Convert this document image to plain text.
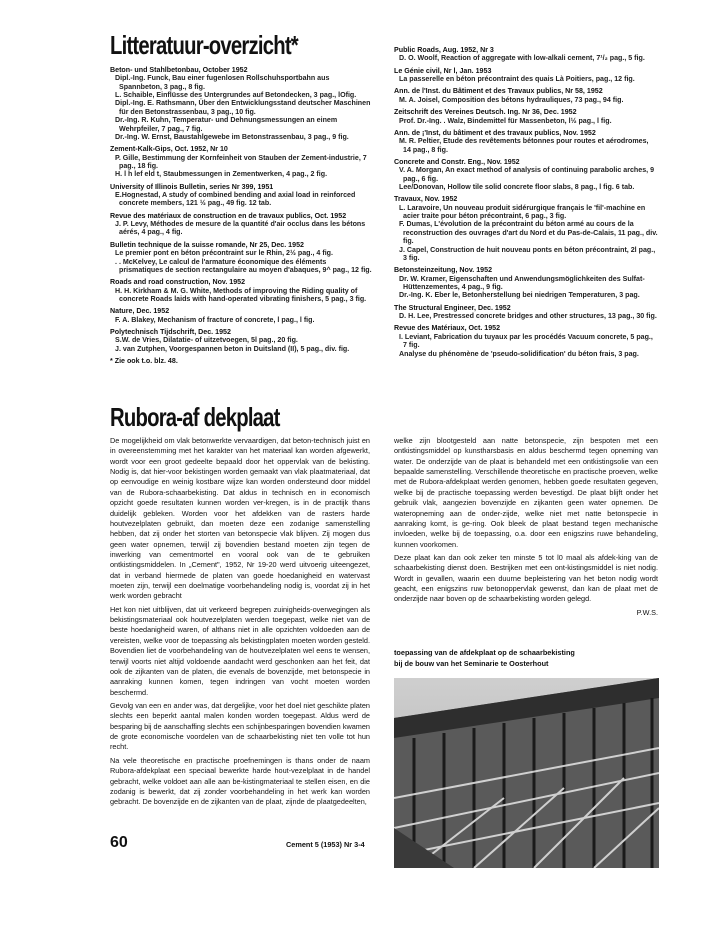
Litteratuur-overzicht*
Beton- und Stahlbetonbau, October 1952
Dipl.-Ing. Funck, Bau einer fugenlosen Rollschuhsportbahn aus Spannbeton, 3 pag., 8 fig.
L. Schaible, Einflüsse des Untergrundes auf Betondecken, 3 pag., lOfig.
Dipl.-Ing. E. Rathsmann, Über den Entwicklungsstand deutscher Maschinen für den Betonstrassenbau, 3 pag., 10 fig.
Dr.-Ing. R. Kuhn, Temperatur- und Dehnungsmessungen an einem Wehrpfeiler, 7 pag., 7 fig.
Dr.-Ing. W. Ernst, Baustahlgewebe im Betonstrassenbau, 3 pag., 9 fig.
Zement-Kalk-Gips, Oct. 1952, Nr 10
P. Gille, Bestimmung der Kornfeinheit von Stauben der Zement-industrie, 7 pag., 18 fig.
H. l h lef eld t, Staubmessungen in Zementwerken, 4 pag., 2 fig.
University of Illinois Bulletin, series Nr 399, 1951
E.Hognestad, A study of combined bending and axial load in reinforced concrete members, 121 ½ pag., 49 fig. 12 tab.
Revue des matériaux de construction en de travaux publics, Oct. 1952
J. P. Levy, Méthodes de mesure de la quantité d'air occlus dans les bétons aérés, 4 pag., 4 fig.
Bulletin technique de la suisse romande, Nr 25, Dec. 1952
Le premier pont en béton précontraint sur le Rhin, 2½ pag., 4 fig.
. . McKelvey, Le calcul de l'armature économique des éléments prismatiques de section rectangulaire au moyen d'abaques, 9^ pag., 12 fig.
Roads and road construction, Nov. 1952
H. H. Kirkham & M. G. White, Methods of improving the Riding quality of concrete Roads laids with hand-operated vibrating finishers, 5 pag., 3 fig.
Nature, Dec. 1952
F. A. Blakey, Mechanism of fracture of concrete, l pag., l fig.
Polytechnisch Tijdschrift, Dec. 1952
S.W. de Vries, Dilatatie- of uitzetvoegen, 5l pag., 20 fig.
J. van Zutphen, Voorgespannen beton in Duitsland (II), 5 pag., div. fig.
* Zie ook t.o. blz. 48.
Public Roads, Aug. 1952, Nr 3
D. O. Woolf, Reaction of aggregate with low-alkali cement, 7¹/₂ pag., 5 fig.
Le Génie civil, Nr l, Jan. 1953
La passerelle en béton précontraint des quais Là Poitiers, pag., 12 fig.
Ann. de l'Inst. du Bâtiment et des Travaux publics, Nr 58, 1952
M. A. Joisel, Composition des bétons hydrauliques, 73 pag., 94 fig.
Zeitschrift des Vereines Deutsch. Ing. Nr 36, Dec. 1952
Prof. Dr.-Ing. . Walz, Bindemittel für Massenbeton, l½ pag., l fig.
Ann. de ¡'Inst, du bâtiment et des travaux publics, Nov. 1952
M. R. Peltier, Etude des revêtements bétonnes pour routes et aérodromes, 14 pag., 8 fig.
Concrete and Constr. Eng., Nov. 1952
V. A. Morgan, An exact method of analysis of continuing parabolic arches, 9 pag., 6 fig.
Lee/Donovan, Hollow tile solid concrete floor slabs, 8 pag., l fig. 6 tab.
Travaux, Nov. 1952
L. Laravoire, Un nouveau produit sidérurgique français le 'fil'-machine en acier traite pour béton précontraint, 6 pag., 3 fig.
F. Dumas, L'évolution de la précontraint du béton armé au cours de la reconstruction des ouvrages d'art du Nord et du Pas-de-Calais, 11 pag., div. fig.
J. Capel, Construction de huit nouveau ponts en béton précontraint, 2l pag., 3 fig.
Betonsteinzeitung, Nov. 1952
Dr. W. Kramer, Eigenschaften und Anwendungsmöglichkeiten des Sulfat-Hüttenzementes, 4 pag., 9 fig.
Dr.-Ing. K. Eber le, Betonherstellung bei niedrigen Temperaturen, 3 pag.
The Structural Engineer, Dec. 1952
D. H. Lee, Prestressed concrete bridges and other structures, 13 pag., 30 fig.
Revue des Matériaux, Oct. 1952
I. Leviant, Fabrication du tuyaux par les procédés Vacuum concrete, 5 pag., 7 fig.
Analyse du phénomène de 'pseudo-solidification' du béton frais, 3 pag.
Rubora-af dekplaat

De mogelijkheid om vlak betonwerkte vervaardigen, dat beton-technisch juist en in overeenstemming met het karakter van het materiaal kan worden afgewerkt, wordt voor een groot gedeelte bepaald door het oppervlak van de bekisting. Nodig is, dat hier-voor bekistingen worden gemaakt van vlak plaatmateriaal, dat op eenvoudige en weinig kostbare wijze kan worden ondersteund door middel van de Rubora-schaarbekisting. Dat aldus in technisch en in economisch opzicht goede resultaten kunnen worden ver-kregen, is in de practijk thans duidelijk gebleken. Worden voor het afdekken van de rasters harde houtvezelplaten gebruikt, dan moeten deze een zodanige samenstelling hebben, dat zij onder het storten van betonspecie vlak blijven. Zij mogen dus geen water opnemen, terwijl zij bovendien bestand moeten zijn tegen de inwerking van cementmortel en vooral ook van de te gebruiken ontkistingsmiddelen. In „Cement", 1952, Nr 19-20 werd uitvoerig uiteengezet, dat in verband hiermede de platen van goede hoedanigheid en watervast moeten zijn, terwijl een doelmatige voorbehandeling nodig is, voordat zij in het werk worden gebracht

Het kon niet uitblijven, dat uit verkeerd begrepen zuinigheids-overwegingen als bekistingsmateriaal ook houtvezelplaten werden toegepast, welke niet van de beste hoedanigheid waren, of althans niet in alle opzichten voldoeden aan de vereisten, welke voor de toepassing als bekistingplaten moeten worden gesteld. Bovendien liet de voorbehandeling van de houtvezelplaten wel eens te wensen, terwijl voorts niet altijd voldoende aandacht werd geschonken aan het feit, dat ook de zijkanten van de platen, die evenals de bovenzijde, met betonspecie in aanraking kunnen komen, tegen indringen van vocht moeten worden beschermd.

Gevolg van een en ander was, dat dergelijke, voor het doel niet geschikte platen slechts een beperkt aantal malen konden worden toegepast. Aldus werd de besparing bij de aanschaffing slechts een schijnbesparingen bovendien kwamen de grote economische voordelen van de schaarbekisting niet ten volle tot hun recht.

Na vele theoretische en practische proefnemingen is thans onder de naam Rubora-afdekplaat een speciaal bewerkte harde hout-vezelplaat in de handel gebracht, welke voldoet aan alle aan be-kistingmateriaal te stellen eisen, en die zodanig is bewerkt, dat zij zonder voorbehandeling in het werk kan worden gebracht. De bovenzijde en de zijkanten van de plaat, zijnde de plaatgedeelten,

welke zijn blootgesteld aan natte betonspecie, zijn bespoten met een ontkistingsmiddel op kunstharsbasis en aldus beschermd tegen opneming van water. De onderzijde van de plaat is behandeld met een ontkistingsolie van een bepaalde samenstelling. Verschillende theoretische en practische proeven, welke met de Rubora-afdekplaat werden genomen, hebben goede resultaten gegeven, welke bij de practische toepassing werden bevestigd. De plaat blijft onder het gebruik vlak, aangezien bovenzijde en zijkanten geen water opnemen. De wateropneming aan de onder-zijde, welke niet met natte betonspecie in aanraking komt, is ge-ring. Ook bleek de plaat bestand tegen mechanische invloeden, welke bij de toepassing, o.a. door een enigszins ruwe behandeling, kunnen voorkomen.

Deze plaat kan dan ook zeker ten minste 5 tot l0 maal als afdek-king van de schaarbekisting dienst doen. Bestrijken met een ont-kistingsmiddel is niet nodig. Wordt in gevallen, waarin een duurne bepleistering van het beton nodig wordt geacht, een enigszins ruw betonoppervlak gewenst, dan kan de plaat met de onderzijde naar boven op de schaarbekisting worden gelegd.

P.W.S.

toepassing van de afdekplaat op de schaarbekisting
bij de bouw van het Seminarie te Oosterhout
60	Cement 5 (1953) Nr 3-4
